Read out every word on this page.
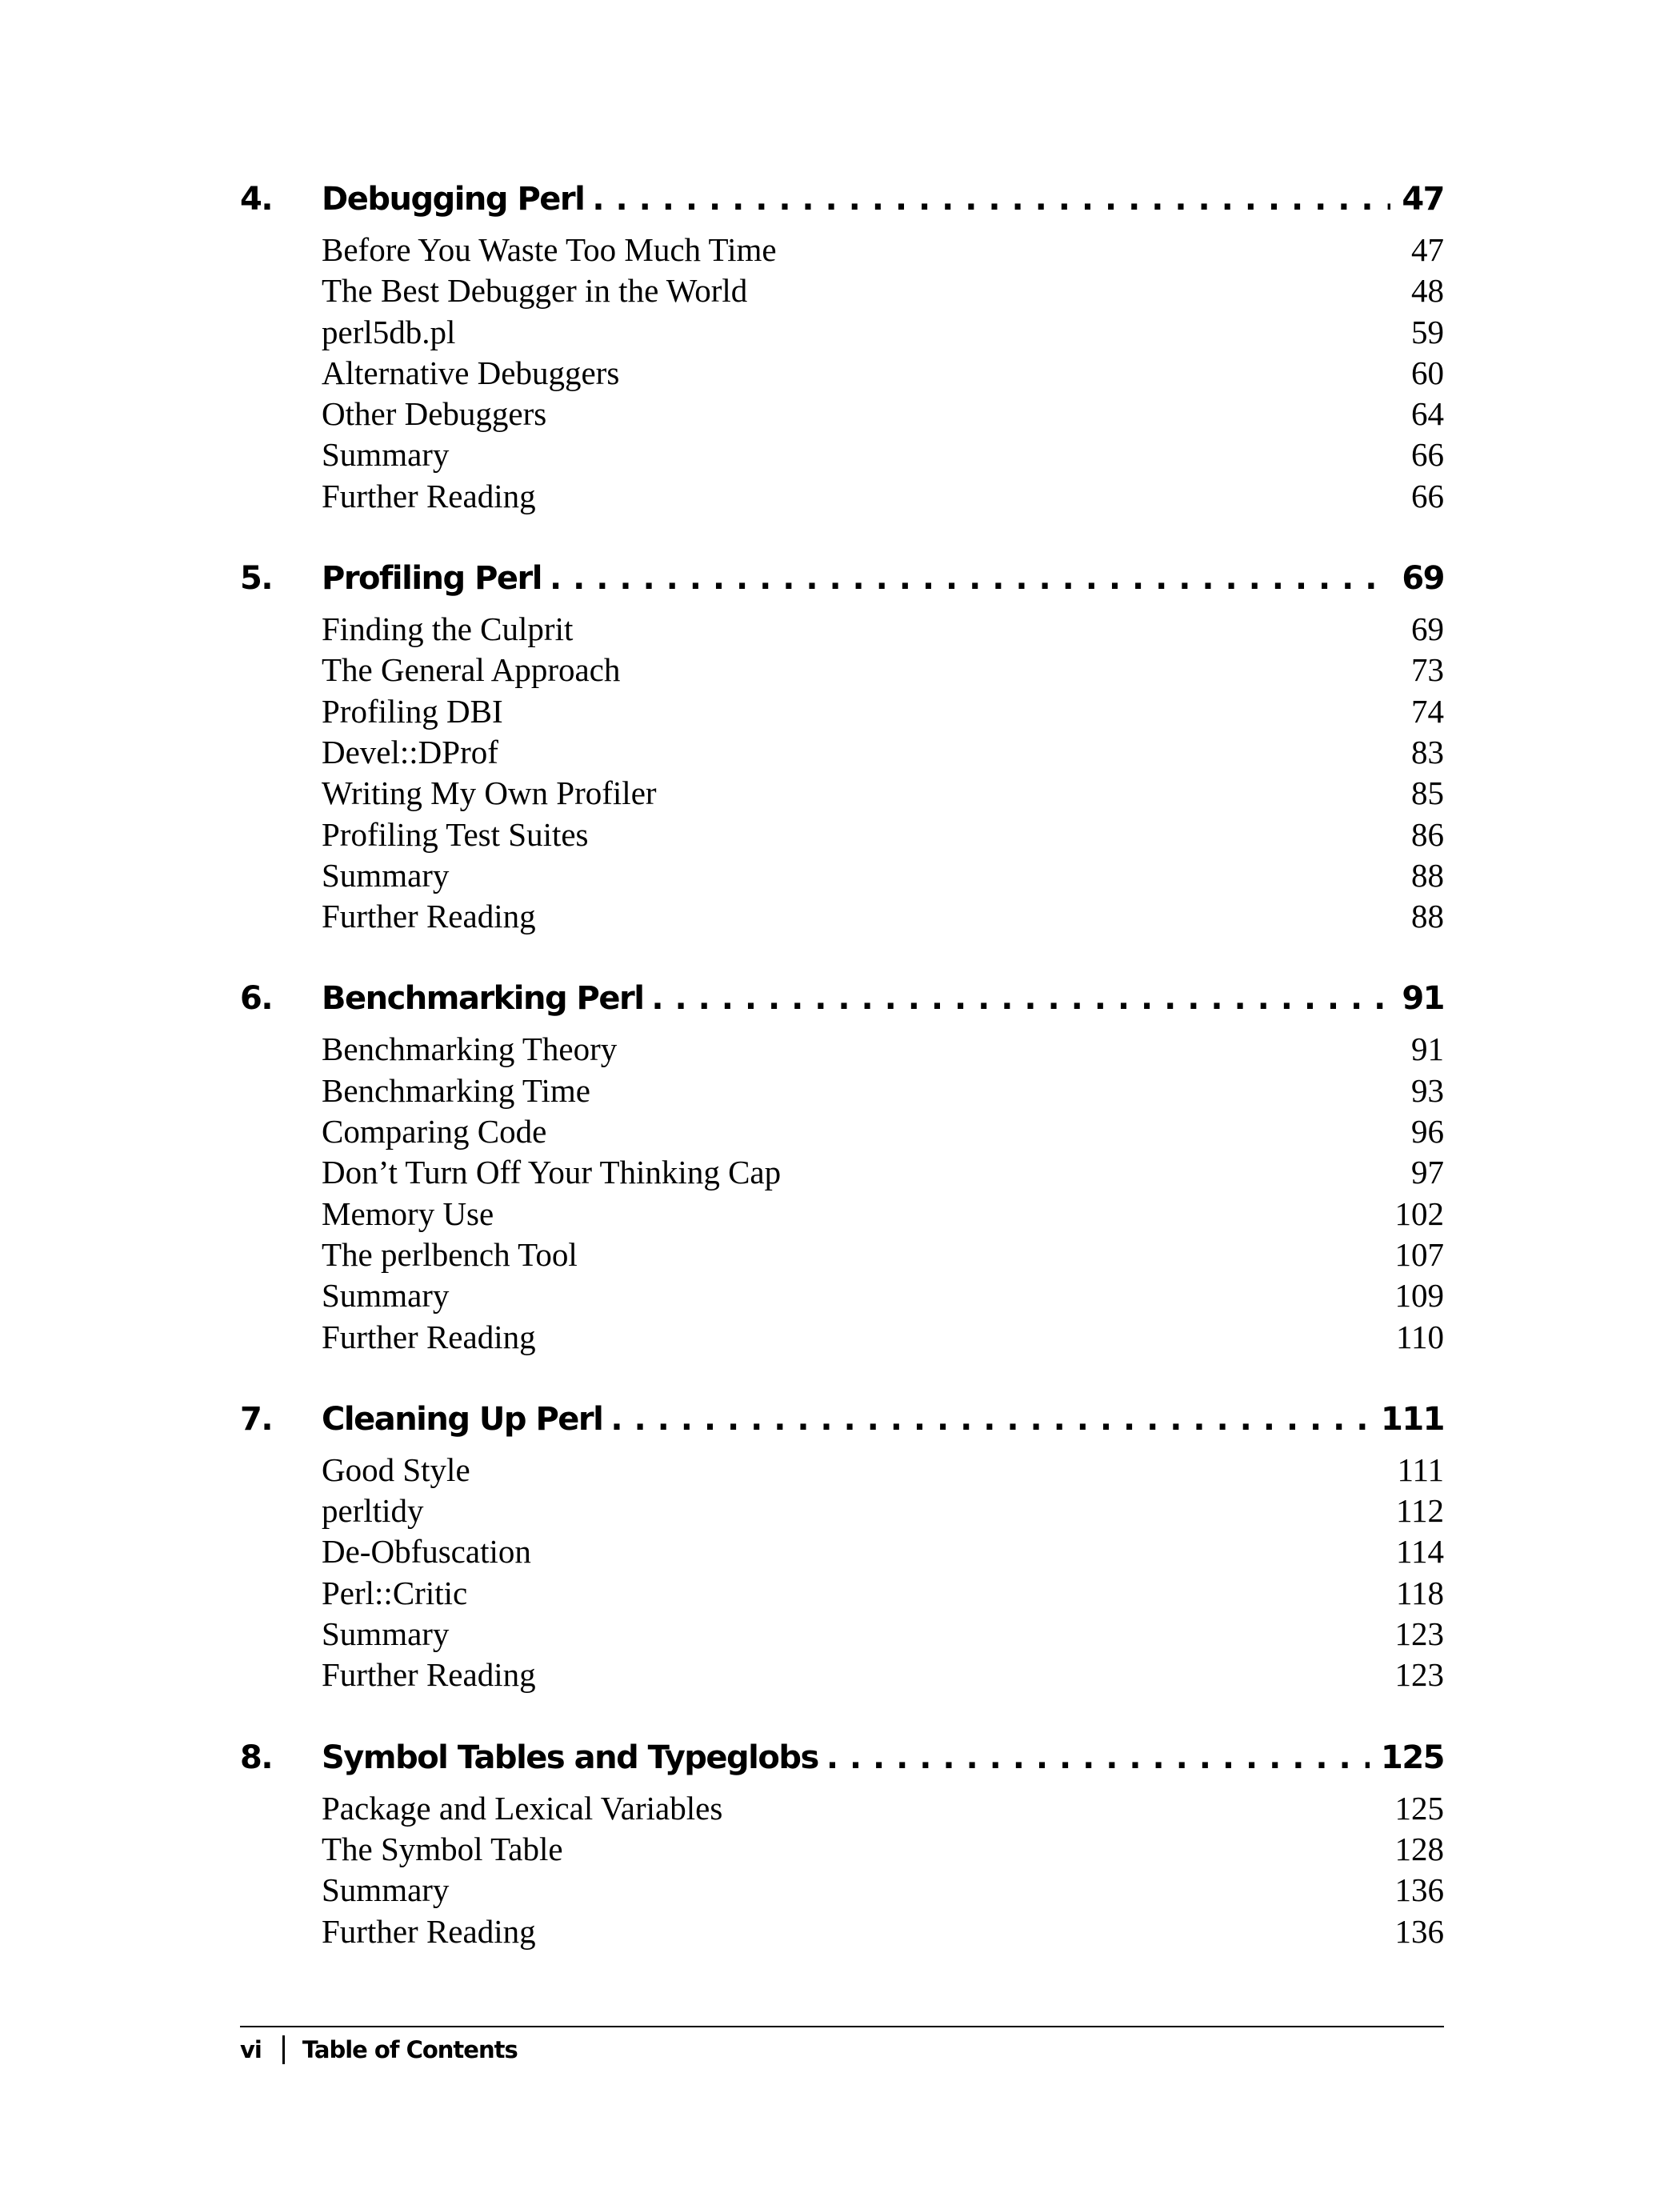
4.	Debugging Perl . . .	47
Before You Waste Too Much Time	47
The Best Debugger in the World	48
perl5db.pl	59
Alternative Debuggers	60
Other Debuggers	64
Summary	66
Further Reading	66
5.	Profiling Perl . . .	69
Finding the Culprit	69
The General Approach	73
Profiling DBI	74
Devel::DProf	83
Writing My Own Profiler	85
Profiling Test Suites	86
Summary	88
Further Reading	88
6.	Benchmarking Perl . . .	91
Benchmarking Theory	91
Benchmarking Time	93
Comparing Code	96
Don’t Turn Off Your Thinking Cap	97
Memory Use	102
The perlbench Tool	107
Summary	109
Further Reading	110
7.	Cleaning Up Perl . . .	111
Good Style	111
perltidy	112
De-Obfuscation	114
Perl::Critic	118
Summary	123
Further Reading	123
8.	Symbol Tables and Typeglobs . . .	125
Package and Lexical Variables	125
The Symbol Table	128
Summary	136
Further Reading	136
vi Table of Contents
